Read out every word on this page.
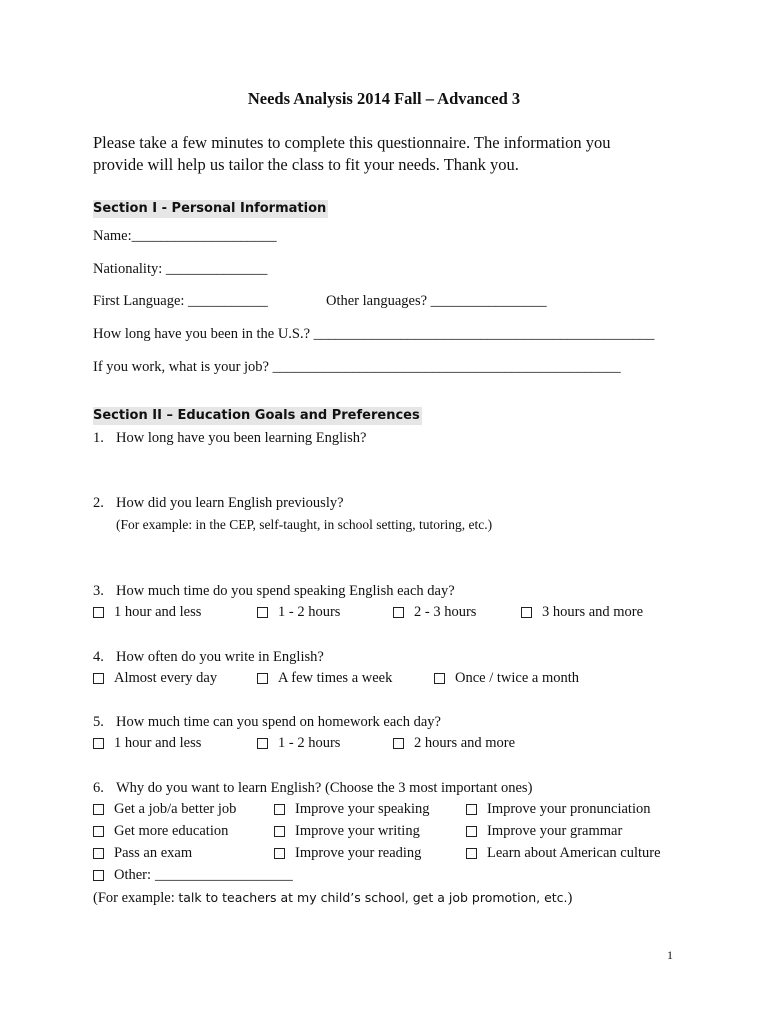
Needs Analysis 2014 Fall – Advanced 3
Please take a few minutes to complete this questionnaire. The information you
provide will help us tailor the class to fit your needs. Thank you.
Section I - Personal Information
Name:____________________
Nationality: ______________
First Language: ___________	Other languages? ________________
How long have you been in the U.S.? _______________________________________________
If you work, what is your job? ________________________________________________
Section II – Education Goals and Preferences
1. How long have you been learning English?
2. How did you learn English previously?
(For example: in the CEP, self-taught, in school setting, tutoring, etc.)
3. How much time do you spend speaking English each day?
1 hour and less	1 - 2 hours	2 - 3 hours	3 hours and more
4. How often do you write in English?
Almost every day	A few times a week	Once / twice a month
5. How much time can you spend on homework each day?
1 hour and less	1 - 2 hours	2 hours and more
6. Why do you want to learn English? (Choose the 3 most important ones)
Get a job/a better job	Improve your speaking	Improve your pronunciation
Get more education	Improve your writing	Improve your grammar
Pass an exam	Improve your reading	Learn about American culture
Other: ___________________
(For example: talk to teachers at my child’s school, get a job promotion, etc.)
1
